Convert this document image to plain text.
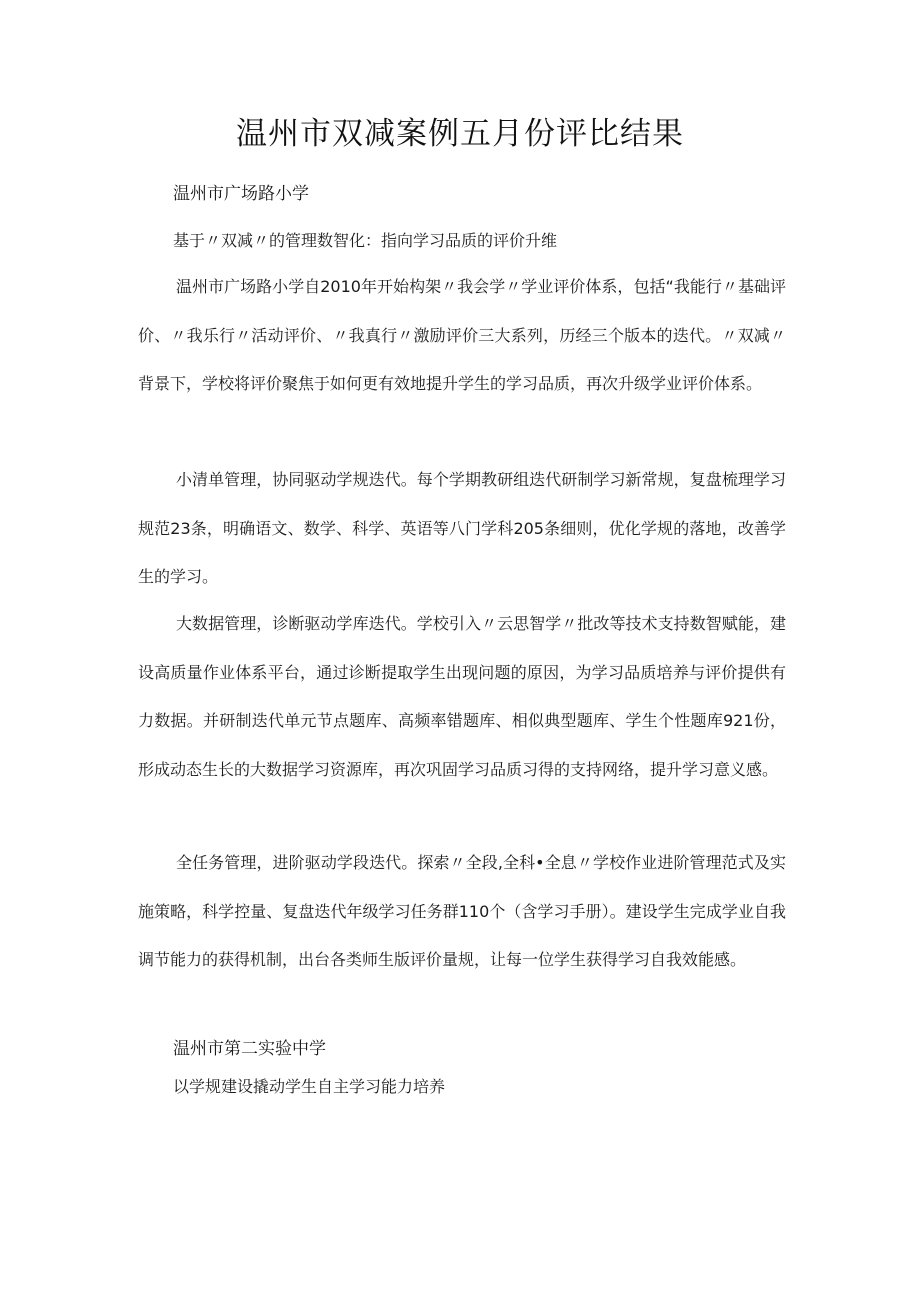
温州市双减案例五月份评比结果
温州市广场路小学
基于〃双减〃的管理数智化：指向学习品质的评价升维

温州市广场路小学自2010年开始构架〃我会学〃学业评价体系，包括“我能行〃基础评价、〃我乐行〃活动评价、〃我真行〃激励评价三大系列，历经三个版本的迭代。〃双减〃背景下，学校将评价聚焦于如何更有效地提升学生的学习品质，再次升级学业评价体系。

小清单管理，协同驱动学规迭代。每个学期教研组迭代研制学习新常规，复盘梳理学习规范23条，明确语文、数学、科学、英语等八门学科205条细则，优化学规的落地，改善学生的学习。

大数据管理，诊断驱动学库迭代。学校引入〃云思智学〃批改等技术支持数智赋能，建设高质量作业体系平台，通过诊断提取学生出现问题的原因，为学习品质培养与评价提供有力数据。并研制迭代单元节点题库、高频率错题库、相似典型题库、学生个性题库921份，形成动态生长的大数据学习资源库，再次巩固学习品质习得的支持网络，提升学习意义感。

全任务管理，进阶驱动学段迭代。探索〃全段,全科•全息〃学校作业进阶管理范式及实施策略，科学控量、复盘迭代年级学习任务群110个（含学习手册）。建设学生完成学业自我调节能力的获得机制，出台各类师生版评价量规，让每一位学生获得学习自我效能感。

温州市第二实验中学
以学规建设撬动学生自主学习能力培养
